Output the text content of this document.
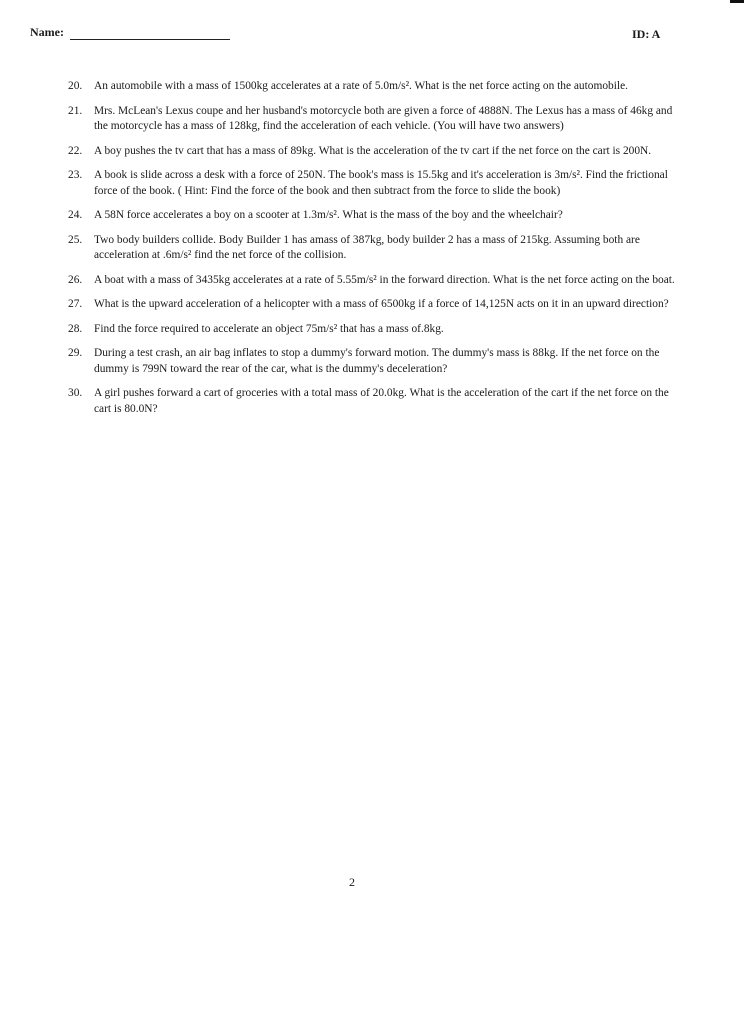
Name:	ID: A
20.	An automobile with a mass of 1500kg accelerates at a rate of 5.0m/s². What is the net force acting on the automobile.
21.	Mrs. McLean's Lexus coupe and her husband's motorcycle both are given a force of 4888N. The Lexus has a mass of 46kg and the motorcycle has a mass of 128kg, find the acceleration of each vehicle. (You will have two answers)
22.	A boy pushes the tv cart that has a mass of 89kg. What is the acceleration of the tv cart if the net force on the cart is 200N.
23.	A book is slide across a desk with a force of 250N. The book's mass is 15.5kg and it's acceleration is 3m/s². Find the frictional force of the book. ( Hint: Find the force of the book and then subtract from the force to slide the book)
24.	A 58N force accelerates a boy on a scooter at 1.3m/s². What is the mass of the boy and the wheelchair?
25.	Two body builders collide. Body Builder 1 has amass of 387kg, body builder 2 has a mass of 215kg. Assuming both are acceleration at .6m/s² find the net force of the collision.
26.	A boat with a mass of 3435kg accelerates at a rate of 5.55m/s² in the forward direction. What is the net force acting on the boat.
27.	What is the upward acceleration of a helicopter with a mass of 6500kg if a force of 14,125N acts on it in an upward direction?
28.	Find the force required to accelerate an object 75m/s² that has a mass of.8kg.
29.	During a test crash, an air bag inflates to stop a dummy's forward motion. The dummy's mass is 88kg. If the net force on the dummy is 799N toward the rear of the car, what is the dummy's deceleration?
30.	A girl pushes forward a cart of groceries with a total mass of 20.0kg. What is the acceleration of the cart if the net force on the cart is 80.0N?
2
